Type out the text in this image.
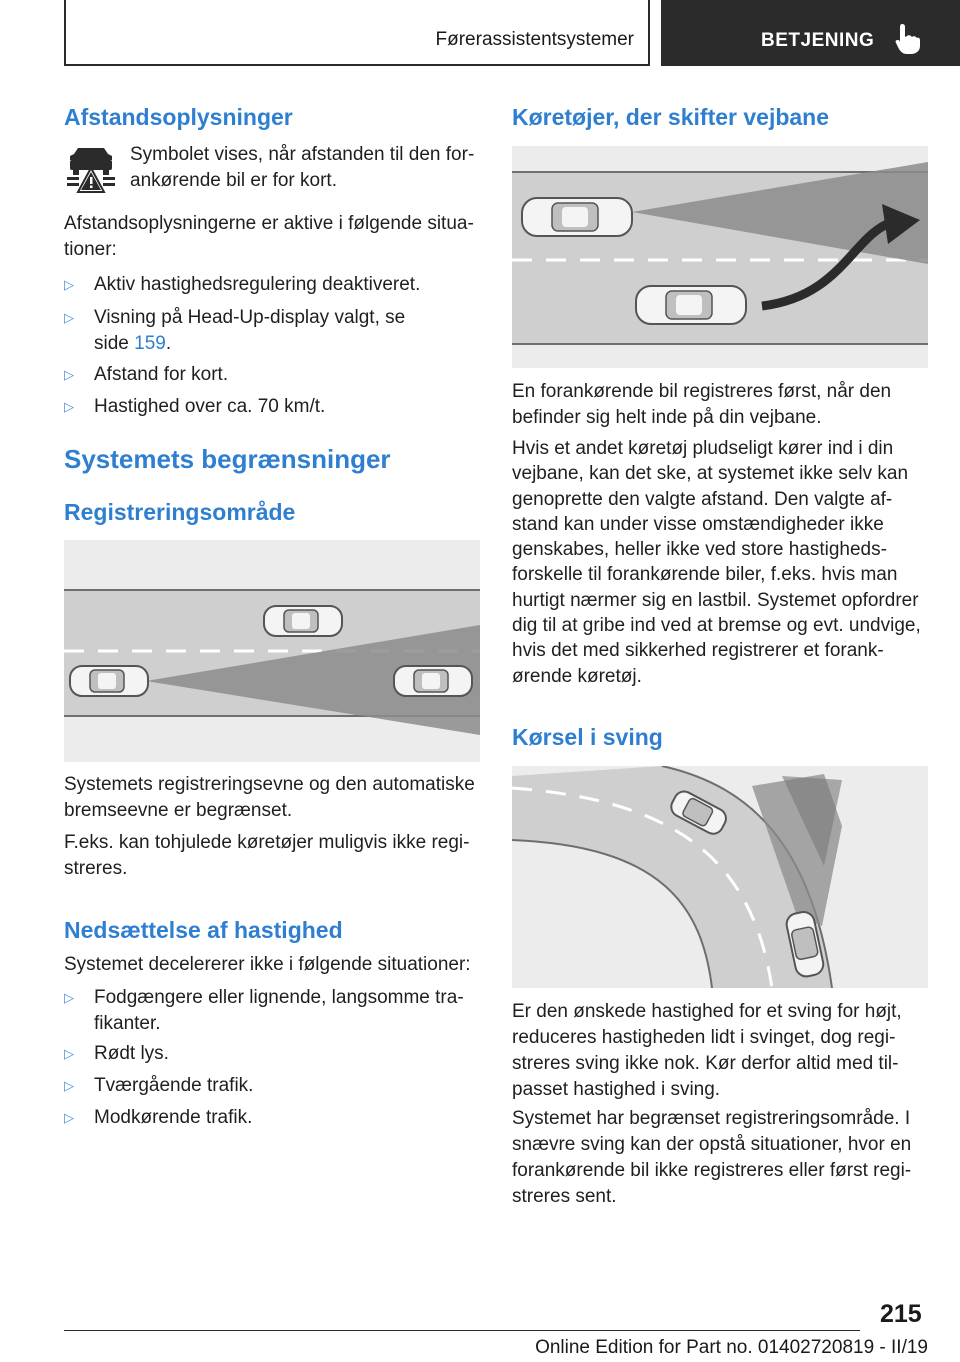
Førerassistentsystemer	BETJENING
Afstandsoplysninger

Symbolet vises, når afstanden til den for-
ankørende bil er for kort.

Afstandsoplysningerne er aktive i følgende situa-
tioner:

▷ Aktiv hastighedsregulering deaktiveret.
▷ Visning på Head-Up-display valgt, se
side 159.
▷ Afstand for kort.
▷ Hastighed over ca. 70 km/t.
Systemets begrænsninger
Registreringsområde

Systemets registreringsevne og den automatiske
bremseevne er begrænset.

F.eks. kan tohjulede køretøjer muligvis ikke regi-
streres.

Nedsættelse af hastighed

Systemet decelererer ikke i følgende situationer:

▷ Fodgængere eller lignende, langsomme tra-
fikanter.
▷ Rødt lys.
▷ Tværgående trafik.
▷ Modkørende trafik.
Køretøjer, der skifter vejbane

En forankørende bil registreres først, når den
befinder sig helt inde på din vejbane.

Hvis et andet køretøj pludseligt kører ind i din
vejbane, kan det ske, at systemet ikke selv kan
genoprette den valgte afstand. Den valgte af-
stand kan under visse omstændigheder ikke
genskabes, heller ikke ved store hastigheds-
forskelle til forankørende biler, f.eks. hvis man
hurtigt nærmer sig en lastbil. Systemet opfordrer
dig til at gribe ind ved at bremse og evt. undvige,
hvis det med sikkerhed registrerer et forank-
ørende køretøj.

Kørsel i sving

Er den ønskede hastighed for et sving for højt,
reduceres hastigheden lidt i svinget, dog regi-
streres sving ikke nok. Kør derfor altid med til-
passet hastighed i sving.

Systemet har begrænset registreringsområde. I
snævre sving kan der opstå situationer, hvor en
forankørende bil ikke registreres eller først regi-
streres sent.

215
Online Edition for Part no. 01402720819 - II/19
